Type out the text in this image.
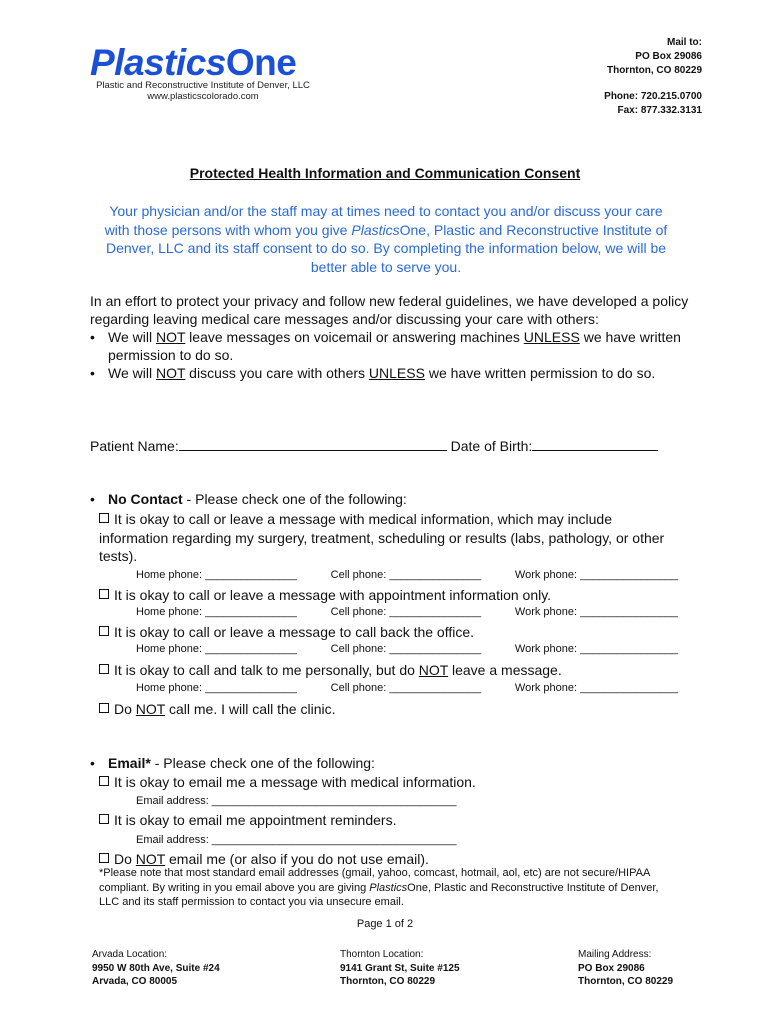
PlasticsOne
Plastic and Reconstructive Institute of Denver, LLC
www.plasticscolorado.com
Mail to:
PO Box 29086
Thornton, CO 80229
Phone: 720.215.0700
Fax: 877.332.3131
Protected Health Information and Communication Consent
Your physician and/or the staff may at times need to contact you and/or discuss your care with those persons with whom you give PlasticsOne, Plastic and Reconstructive Institute of Denver, LLC and its staff consent to do so. By completing the information below, we will be better able to serve you.
In an effort to protect your privacy and follow new federal guidelines, we have developed a policy regarding leaving medical care messages and/or discussing your care with others:
• We will NOT leave messages on voicemail or answering machines UNLESS we have written permission to do so.
• We will NOT discuss you care with others UNLESS we have written permission to do so.
Patient Name:	Date of Birth:
• No Contact - Please check one of the following:
It is okay to call or leave a message with medical information, which may include information regarding my surgery, treatment, scheduling or results (labs, pathology, or other tests).
Home phone: _______________	Cell phone: _______________	Work phone: ________________
It is okay to call or leave a message with appointment information only.
Home phone: _______________	Cell phone: _______________	Work phone: ________________
It is okay to call or leave a message to call back the office.
Home phone: _______________	Cell phone: _______________	Work phone: ________________
It is okay to call and talk to me personally, but do NOT leave a message.
Home phone: _______________	Cell phone: _______________	Work phone: ________________
Do NOT call me. I will call the clinic.
• Email* - Please check one of the following:
It is okay to email me a message with medical information.
Email address: ________________________________________
It is okay to email me appointment reminders.
Email address: ________________________________________
Do NOT email me (or also if you do not use email).
*Please note that most standard email addresses (gmail, yahoo, comcast, hotmail, aol, etc) are not secure/HIPAA compliant. By writing in you email above you are giving PlasticsOne, Plastic and Reconstructive Institute of Denver, LLC and its staff permission to contact you via unsecure email.
Page 1 of 2
Arvada Location:
9950 W 80th Ave, Suite #24
Arvada, CO 80005
Thornton Location:
9141 Grant St, Suite #125
Thornton, CO 80229
Mailing Address:
PO Box 29086
Thornton, CO 80229
